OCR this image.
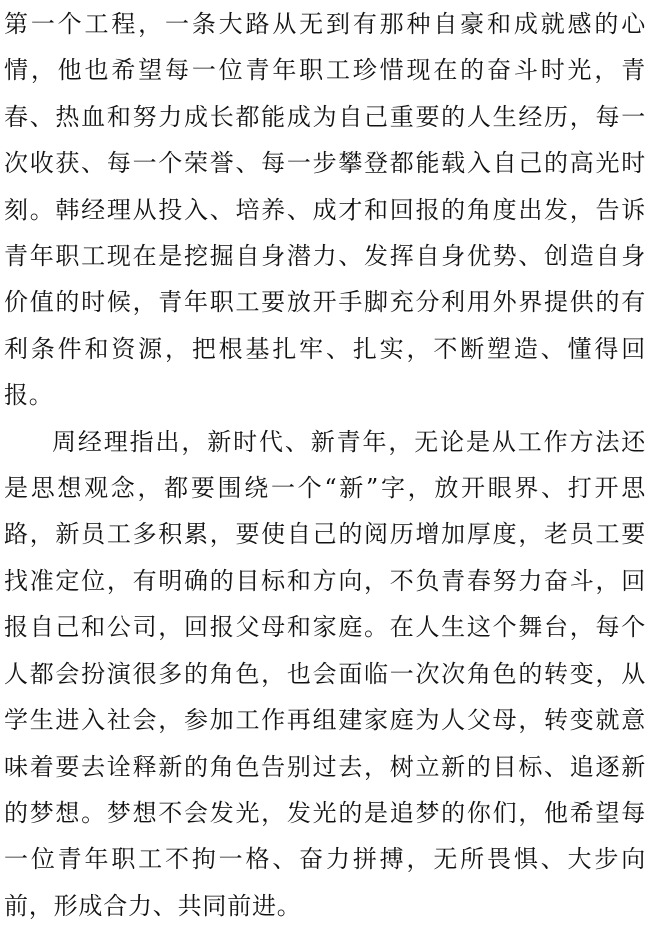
第一个工程，一条大路从无到有那种自豪和成就感的心情，他也希望每一位青年职工珍惜现在的奋斗时光，青春、热血和努力成长都能成为自己重要的人生经历，每一次收获、每一个荣誉、每一步攀登都能载入自己的高光时刻。韩经理从投入、培养、成才和回报的角度出发，告诉青年职工现在是挖掘自身潜力、发挥自身优势、创造自身价值的时候，青年职工要放开手脚充分利用外界提供的有利条件和资源，把根基扎牢、扎实，不断塑造、懂得回报。

周经理指出，新时代、新青年，无论是从工作方法还是思想观念，都要围绕一个“新”字，放开眼界、打开思路，新员工多积累，要使自己的阅历增加厚度，老员工要找准定位，有明确的目标和方向，不负青春努力奋斗，回报自己和公司，回报父母和家庭。在人生这个舞台，每个人都会扮演很多的角色，也会面临一次次角色的转变，从学生进入社会，参加工作再组建家庭为人父母，转变就意味着要去诠释新的角色告别过去，树立新的目标、追逐新的梦想。梦想不会发光，发光的是追梦的你们，他希望每一位青年职工不拘一格、奋力拼搏，无所畏惧、大步向前，形成合力、共同前进。
